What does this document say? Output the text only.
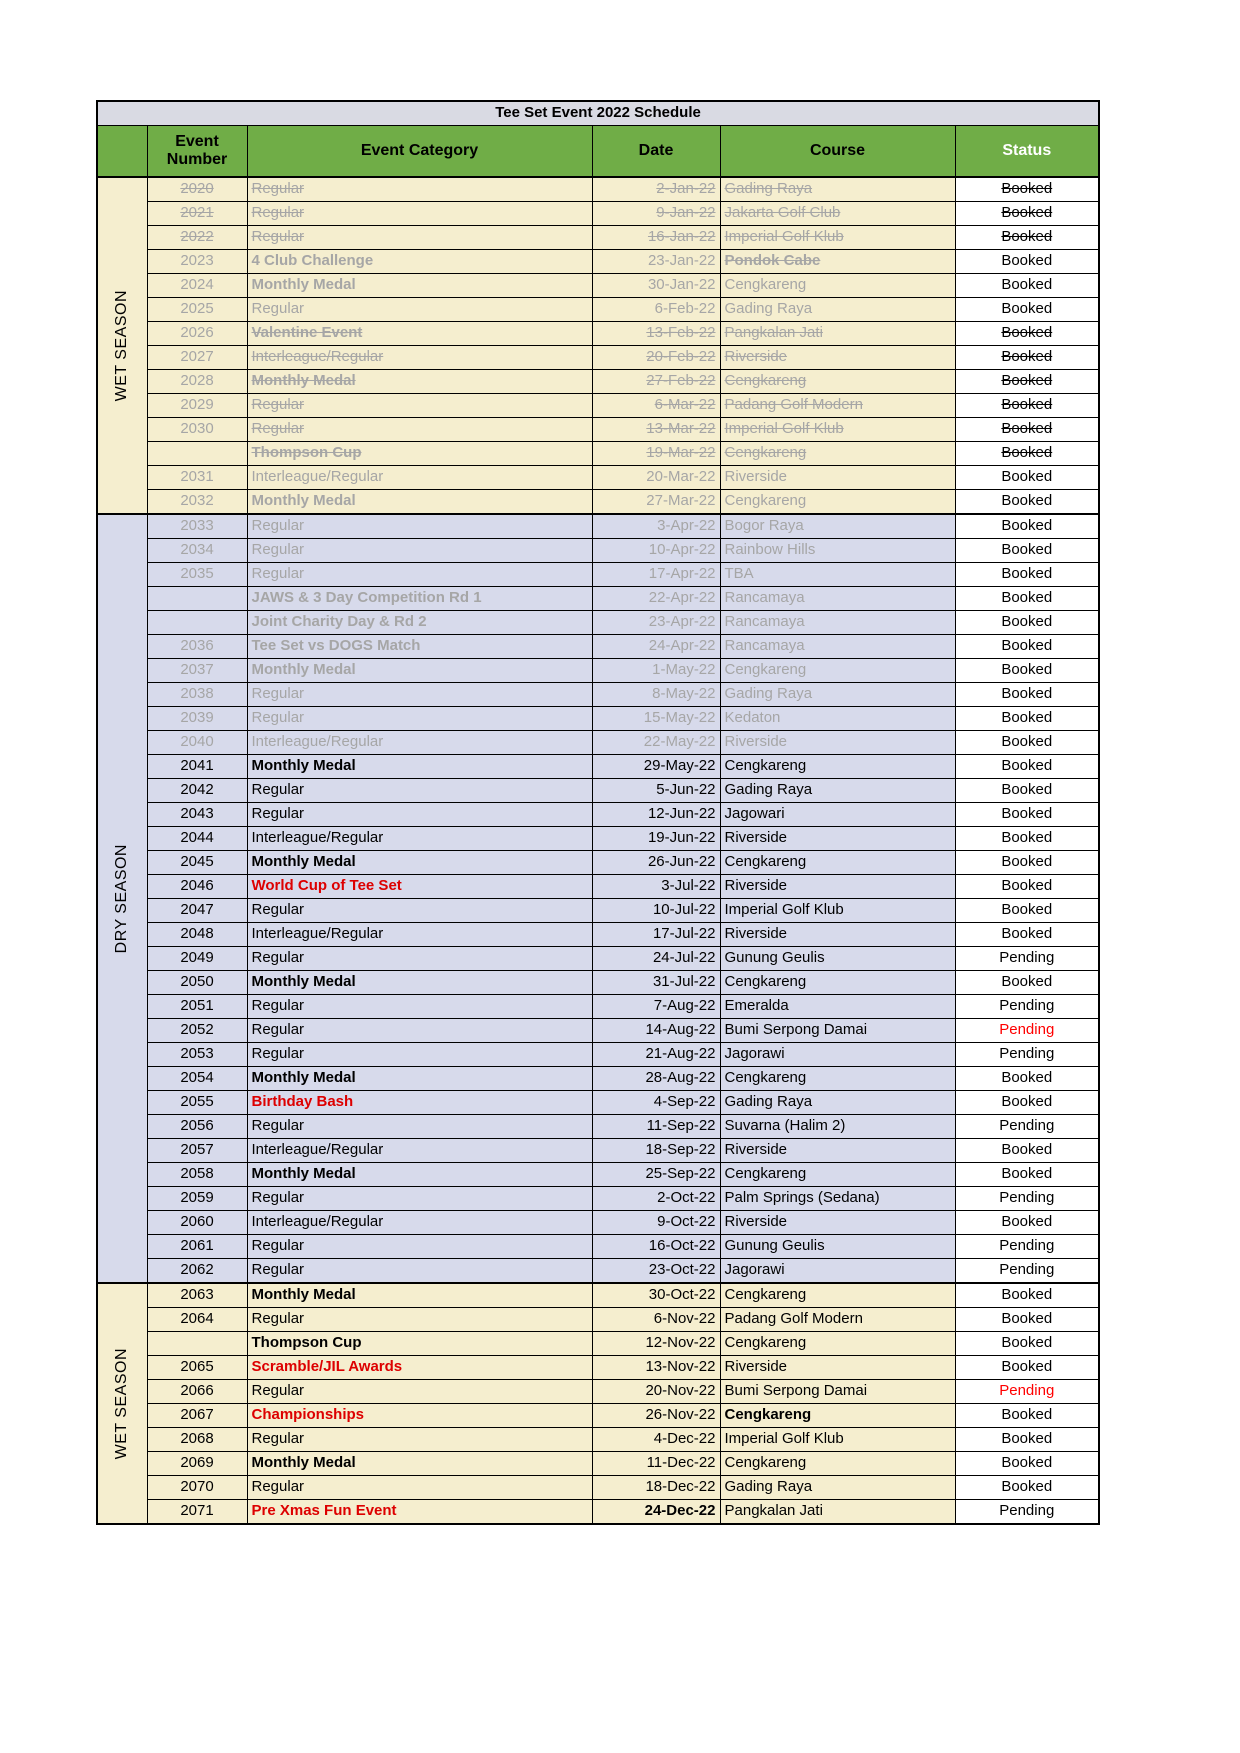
Tee Set Event 2022 Schedule					
	Event Number	Event Category	Date	Course	Status

WET SEASON	2020	Regular	2-Jan-22	Gading Raya	Booked
	2021	Regular	9-Jan-22	Jakarta Golf Club	Booked
	2022	Regular	16-Jan-22	Imperial Golf Klub	Booked
	2023	4 Club Challenge	23-Jan-22	Pondok Cabe	Booked
	2024	Monthly Medal	30-Jan-22	Cengkareng	Booked
	2025	Regular	6-Feb-22	Gading Raya	Booked
	2026	Valentine Event	13-Feb-22	Pangkalan Jati	Booked
	2027	Interleague/Regular	20-Feb-22	Riverside	Booked
	2028	Monthly Medal	27-Feb-22	Cengkareng	Booked
	2029	Regular	6-Mar-22	Padang Golf Modern	Booked
	2030	Regular	13-Mar-22	Imperial Golf Klub	Booked
		Thompson Cup	19-Mar-22	Cengkareng	Booked
	2031	Interleague/Regular	20-Mar-22	Riverside	Booked
	2032	Monthly Medal	27-Mar-22	Cengkareng	Booked

DRY SEASON	2033	Regular	3-Apr-22	Bogor Raya	Booked
	2034	Regular	10-Apr-22	Rainbow Hills	Booked
	2035	Regular	17-Apr-22	TBA	Booked
		JAWS & 3 Day Competition Rd 1	22-Apr-22	Rancamaya	Booked
		Joint Charity Day & Rd 2	23-Apr-22	Rancamaya	Booked
	2036	Tee Set vs DOGS Match	24-Apr-22	Rancamaya	Booked
	2037	Monthly Medal	1-May-22	Cengkareng	Booked
	2038	Regular	8-May-22	Gading Raya	Booked
	2039	Regular	15-May-22	Kedaton	Booked
	2040	Interleague/Regular	22-May-22	Riverside	Booked
	2041	Monthly Medal	29-May-22	Cengkareng	Booked
	2042	Regular	5-Jun-22	Gading Raya	Booked
	2043	Regular	12-Jun-22	Jagowari	Booked
	2044	Interleague/Regular	19-Jun-22	Riverside	Booked
	2045	Monthly Medal	26-Jun-22	Cengkareng	Booked
	2046	World Cup of Tee Set	3-Jul-22	Riverside	Booked
	2047	Regular	10-Jul-22	Imperial Golf Klub	Booked
	2048	Interleague/Regular	17-Jul-22	Riverside	Booked
	2049	Regular	24-Jul-22	Gunung Geulis	Pending
	2050	Monthly Medal	31-Jul-22	Cengkareng	Booked
	2051	Regular	7-Aug-22	Emeralda	Pending
	2052	Regular	14-Aug-22	Bumi Serpong Damai	Pending
	2053	Regular	21-Aug-22	Jagorawi	Pending
	2054	Monthly Medal	28-Aug-22	Cengkareng	Booked
	2055	Birthday Bash	4-Sep-22	Gading Raya	Booked
	2056	Regular	11-Sep-22	Suvarna (Halim 2)	Pending
	2057	Interleague/Regular	18-Sep-22	Riverside	Booked
	2058	Monthly Medal	25-Sep-22	Cengkareng	Booked
	2059	Regular	2-Oct-22	Palm Springs (Sedana)	Pending
	2060	Interleague/Regular	9-Oct-22	Riverside	Booked
	2061	Regular	16-Oct-22	Gunung Geulis	Pending
	2062	Regular	23-Oct-22	Jagorawi	Pending

WET SEASON	2063	Monthly Medal	30-Oct-22	Cengkareng	Booked
	2064	Regular	6-Nov-22	Padang Golf Modern	Booked
		Thompson Cup	12-Nov-22	Cengkareng	Booked
	2065	Scramble/JIL Awards	13-Nov-22	Riverside	Booked
	2066	Regular	20-Nov-22	Bumi Serpong Damai	Pending
	2067	Championships	26-Nov-22	Cengkareng	Booked
	2068	Regular	4-Dec-22	Imperial Golf Klub	Booked
	2069	Monthly Medal	11-Dec-22	Cengkareng	Booked
	2070	Regular	18-Dec-22	Gading Raya	Booked
	2071	Pre Xmas Fun Event	24-Dec-22	Pangkalan Jati	Pending
